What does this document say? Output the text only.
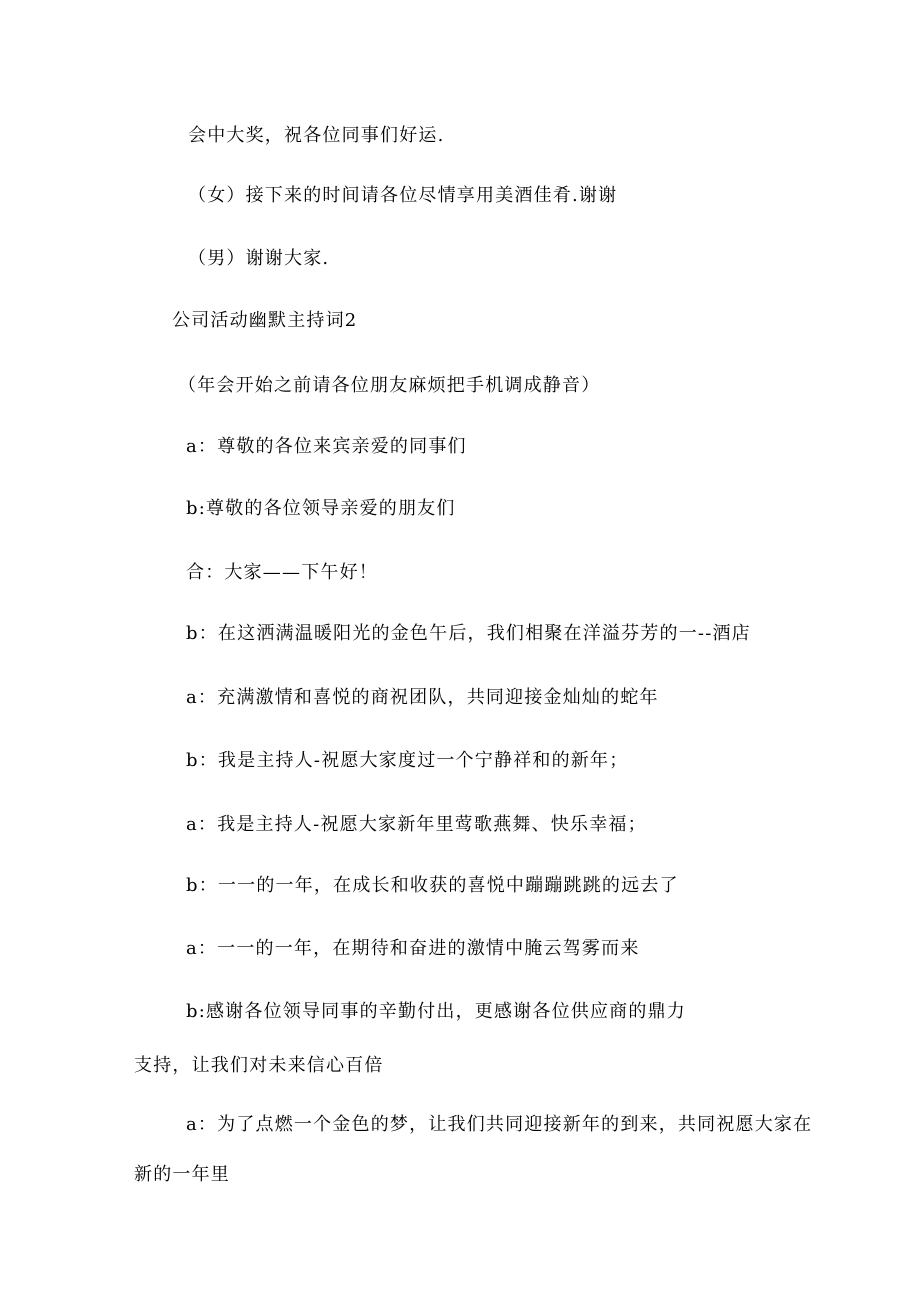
会中大奖，祝各位同事们好运.
（女）接下来的时间请各位尽情享用美酒佳肴.谢谢
（男）谢谢大家.
公司活动幽默主持词2
（年会开始之前请各位朋友麻烦把手机调成静音）
a：尊敬的各位来宾亲爱的同事们
b:尊敬的各位领导亲爱的朋友们
合：大家——下午好！
b：在这洒满温暖阳光的金色午后，我们相聚在洋溢芬芳的一--酒店
a：充满激情和喜悦的商祝团队，共同迎接金灿灿的蛇年
b：我是主持人-祝愿大家度过一个宁静祥和的新年；
a：我是主持人-祝愿大家新年里莺歌燕舞、快乐幸福；
b：一一的一年，在成长和收获的喜悦中蹦蹦跳跳的远去了
a：一一的一年，在期待和奋进的激情中腌云驾雾而来
b:感谢各位领导同事的辛勤付出，更感谢各位供应商的鼎力
支持，让我们对未来信心百倍
a：为了点燃一个金色的梦，让我们共同迎接新年的到来，共同祝愿大家在
新的一年里
